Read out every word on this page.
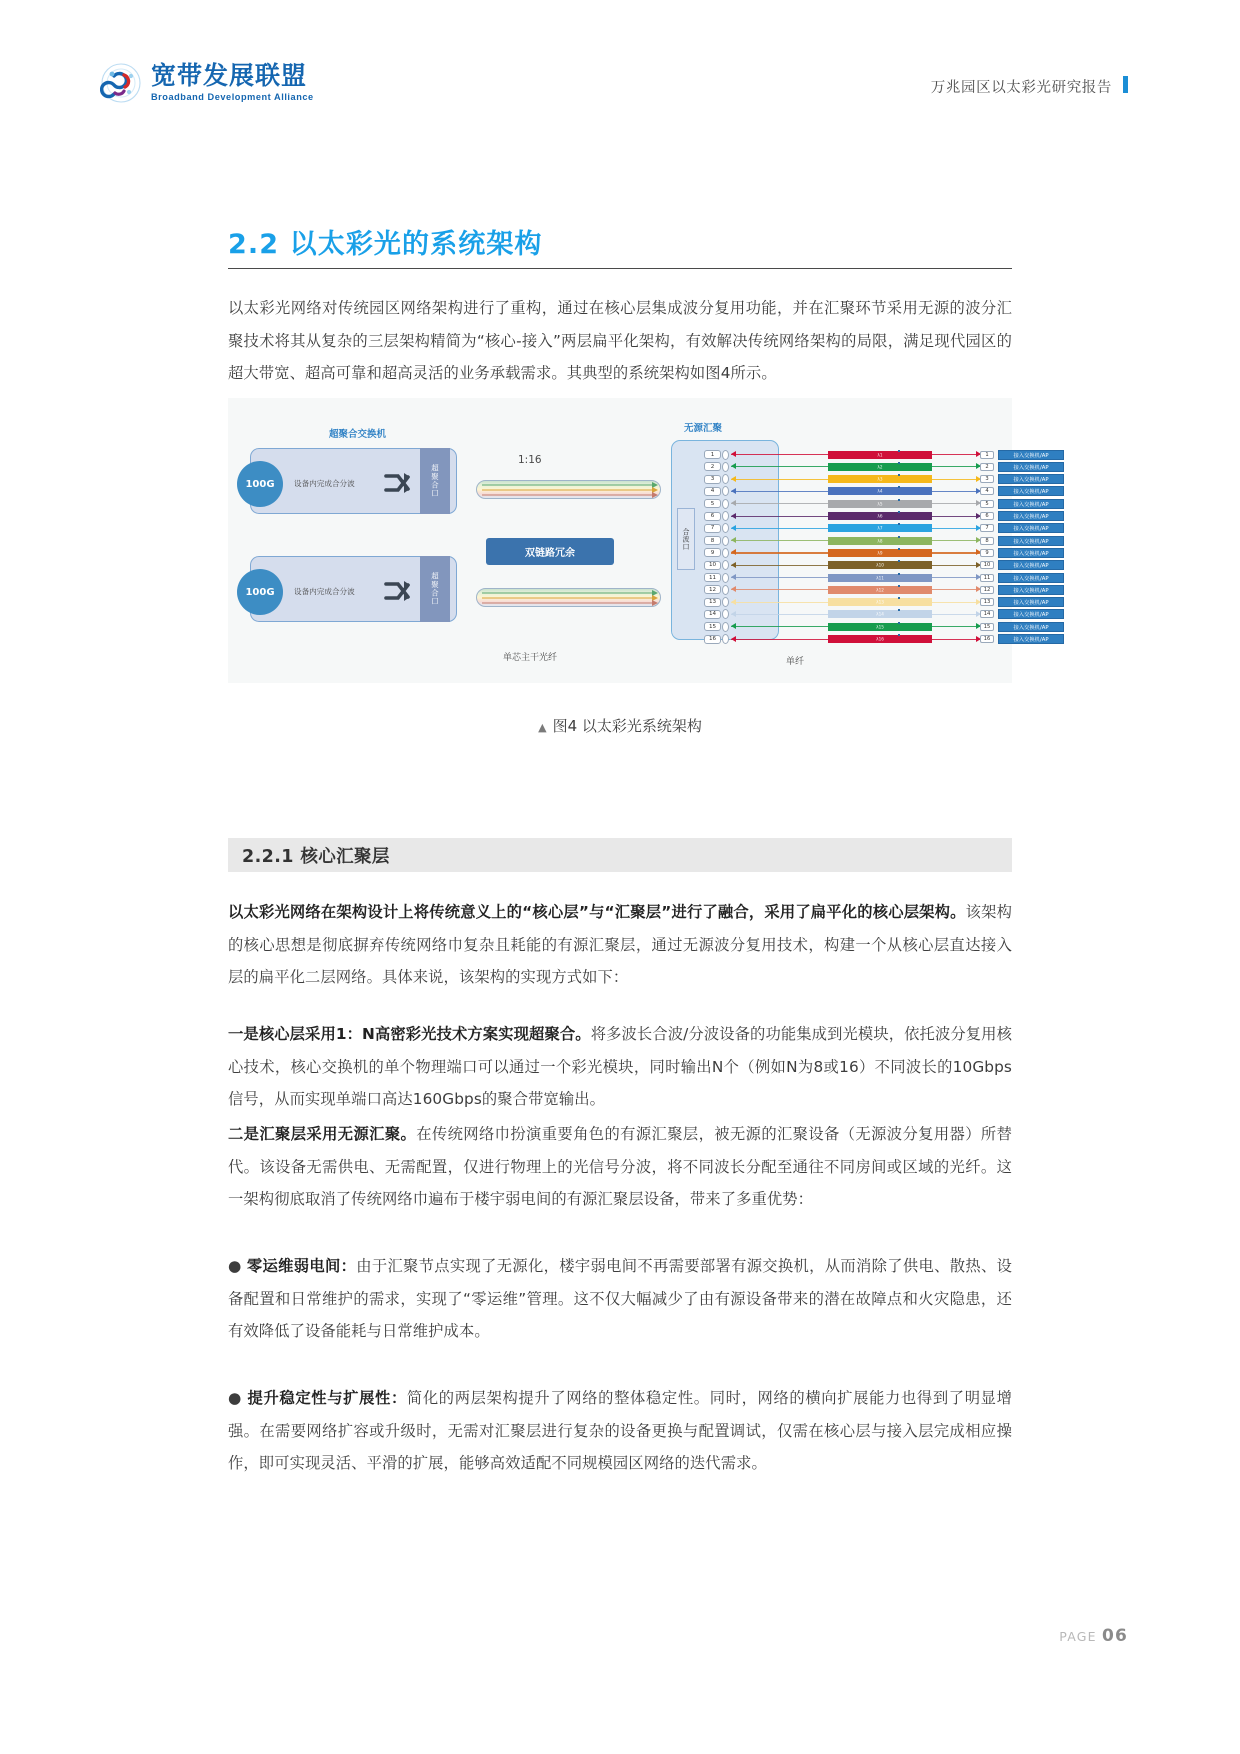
宽带发展联盟
Broadband Development Alliance
万兆园区以太彩光研究报告
2.2 以太彩光的系统架构
以太彩光网络对传统园区网络架构进行了重构，通过在核心层集成波分复用功能，并在汇聚环节采用无源的波分汇聚技术将其从复杂的三层架构精简为“核心-接入”两层扁平化架构，有效解决传统网络架构的局限，满足现代园区的超大带宽、超高可靠和超高灵活的业务承载需求。其典型的系统架构如图4所示。
超聚合交换机
无源汇聚
100G	设备内完成合分波	超聚合口
100G	设备内完成合分波	超聚合口
1:16
双链路冗余
单芯主干光纤	单纤
合波口
1
2
3
4
5
6
7
8
9
10
11
12
13
14
15
16
λ1
λ2
λ3
λ4
λ5
λ6
λ7
λ8
λ9
λ10
λ11
λ12
λ13
λ14
λ15
λ16
1
2
3
4
5
6
7
8
9
10
11
12
13
14
15
16
接入交换机/AP
接入交换机/AP
接入交换机/AP
接入交换机/AP
接入交换机/AP
接入交换机/AP
接入交换机/AP
接入交换机/AP
接入交换机/AP
接入交换机/AP
接入交换机/AP
接入交换机/AP
接入交换机/AP
接入交换机/AP
接入交换机/AP
接入交换机/AP
▲ 图4 以太彩光系统架构
2.2.1 核心汇聚层
以太彩光网络在架构设计上将传统意义上的“核心层”与“汇聚层”进行了融合，采用了扁平化的核心层架构。该架构的核心思想是彻底摒弃传统网络巾复杂且耗能的有源汇聚层，通过无源波分复用技术，构建一个从核心层直达接入层的扁平化二层网络。具体来说，该架构的实现方式如下：
一是核心层采用1：N高密彩光技术方案实现超聚合。将多波长合波/分波设备的功能集成到光模块，依托波分复用核心技术，核心交换机的单个物理端口可以通过一个彩光模块，同时输出N个（例如N为8或16）不同波长的10Gbps信号，从而实现单端口高达160Gbps的聚合带宽输出。
二是汇聚层采用无源汇聚。在传统网络巾扮演重要角色的有源汇聚层，被无源的汇聚设备（无源波分复用器）所替代。该设备无需供电、无需配置，仅进行物理上的光信号分波，将不同波长分配至通往不同房间或区域的光纤。这一架构彻底取消了传统网络巾遍布于楼宇弱电间的有源汇聚层设备，带来了多重优势：
● 零运维弱电间：由于汇聚节点实现了无源化，楼宇弱电间不再需要部署有源交换机，从而消除了供电、散热、设备配置和日常维护的需求，实现了“零运维”管理。这不仅大幅减少了由有源设备带来的潜在故障点和火灾隐患，还有效降低了设备能耗与日常维护成本。
● 提升稳定性与扩展性：简化的两层架构提升了网络的整体稳定性。同时，网络的横向扩展能力也得到了明显增强。在需要网络扩容或升级时，无需对汇聚层进行复杂的设备更换与配置调试，仅需在核心层与接入层完成相应操作，即可实现灵活、平滑的扩展，能够高效适配不同规模园区网络的迭代需求。
PAGE 06
